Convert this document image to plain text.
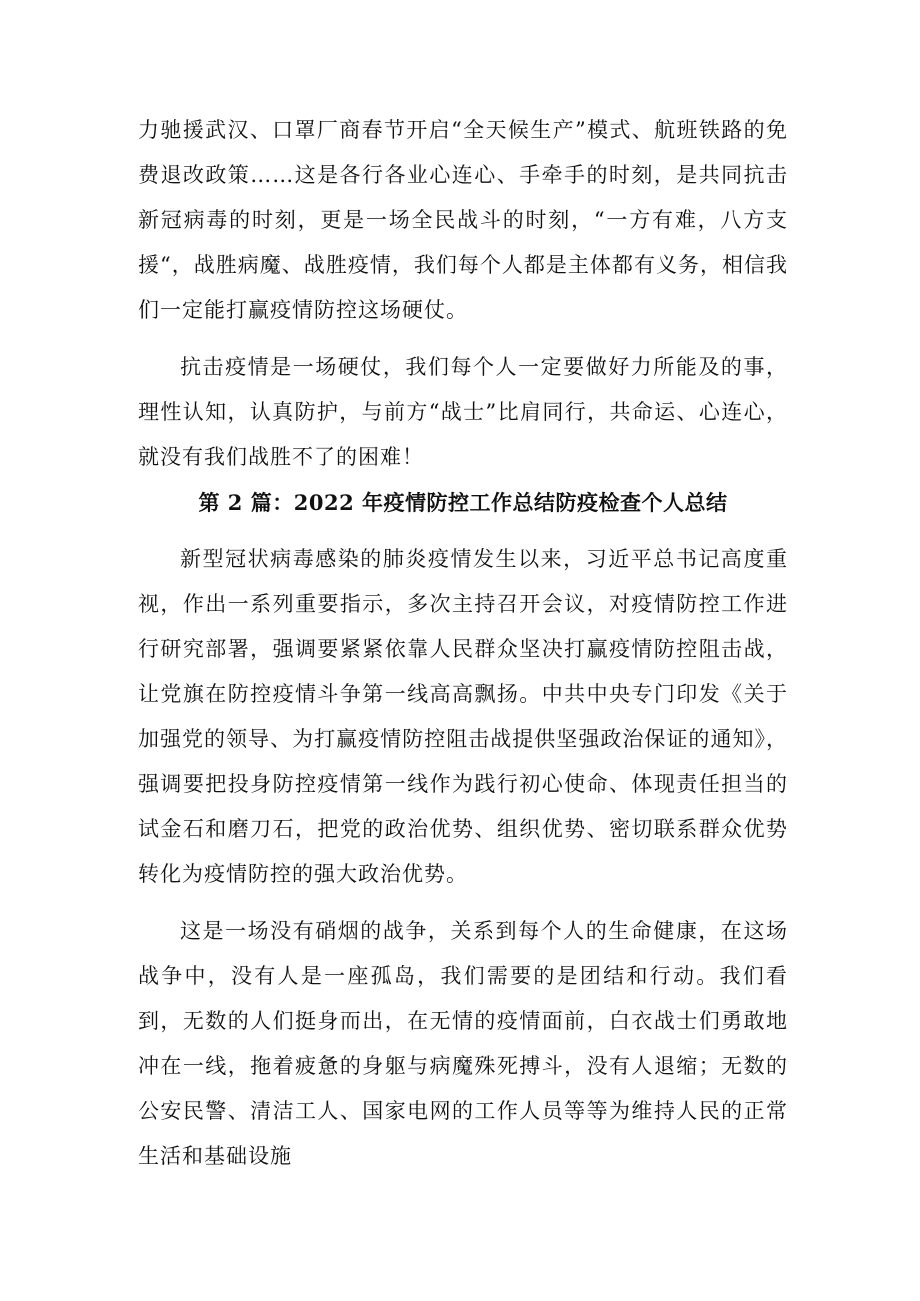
力驰援武汉、口罩厂商春节开启“全天候生产”模式、航班铁路的免费退改政策……这是各行各业心连心、手牵手的时刻，是共同抗击新冠病毒的时刻，更是一场全民战斗的时刻，“一方有难，八方支援“，战胜病魔、战胜疫情，我们每个人都是主体都有义务，相信我们一定能打赢疫情防控这场硬仗。

抗击疫情是一场硬仗，我们每个人一定要做好力所能及的事，理性认知，认真防护，与前方“战士”比肩同行，共命运、心连心，就没有我们战胜不了的困难！

第 2 篇：2022 年疫情防控工作总结防疫检查个人总结

新型冠状病毒感染的肺炎疫情发生以来，习近平总书记高度重视，作出一系列重要指示，多次主持召开会议，对疫情防控工作进行研究部署，强调要紧紧依靠人民群众坚决打赢疫情防控阻击战，让党旗在防控疫情斗争第一线高高飘扬。中共中央专门印发《关于加强党的领导、为打赢疫情防控阻击战提供坚强政治保证的通知》，强调要把投身防控疫情第一线作为践行初心使命、体现责任担当的试金石和磨刀石，把党的政治优势、组织优势、密切联系群众优势转化为疫情防控的强大政治优势。

这是一场没有硝烟的战争，关系到每个人的生命健康，在这场战争中，没有人是一座孤岛，我们需要的是团结和行动。我们看到，无数的人们挺身而出，在无情的疫情面前，白衣战士们勇敢地冲在一线，拖着疲惫的身躯与病魔殊死搏斗，没有人退缩；无数的公安民警、清洁工人、国家电网的工作人员等等为维持人民的正常生活和基础设施
